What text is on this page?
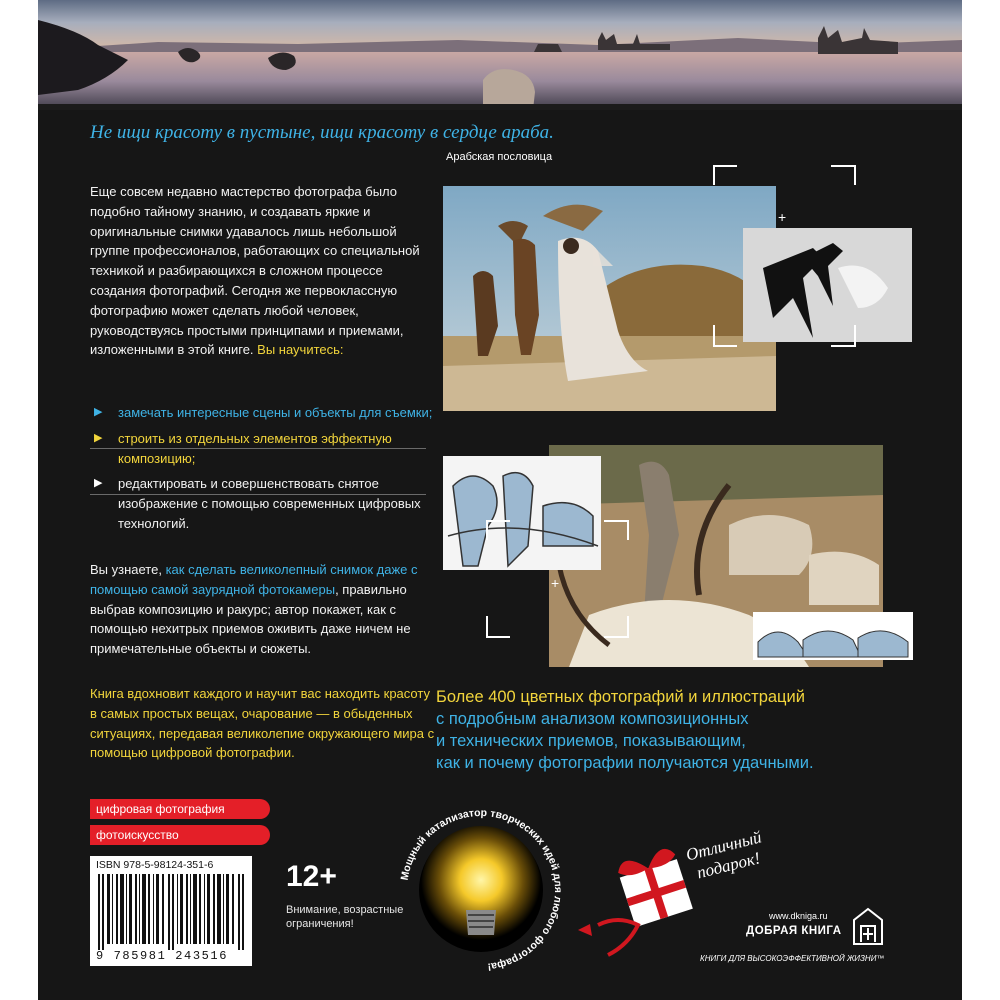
Не ищи красоту в пустыне, ищи красоту в сердце араба.
Арабская пословица

Еще совсем недавно мастерство фотографа было подобно тайному знанию, и создавать яркие и оригинальные снимки удавалось лишь небольшой группе профессионалов, работающих со специальной техникой и разбирающихся в сложном процессе создания фотографий. Сегодня же первоклассную фотографию может сделать любой человек, руководствуясь простыми принципами и приемами, изложенными в этой книге. Вы научитесь:

▶ замечать интересные сцены и объекты для съемки;
▶ строить из отдельных элементов эффектную композицию;
▶ редактировать и совершенствовать снятое изображение с помощью современных цифровых технологий.

Вы узнаете, как сделать великолепный снимок даже с помощью самой заурядной фотокамеры, правильно выбрав композицию и ракурс; автор покажет, как с помощью нехитрых приемов оживить даже ничем не примечательные объекты и сюжеты.

Книга вдохновит каждого и научит вас находить красоту в самых простых вещах, очарование — в обыденных ситуациях, передавая великолепие окружающего мира с помощью цифровой фотографии.

цифровая фотография
фотоискусство
ISBN 978-5-98124-351-6
9 785981 243516
12+
Внимание, возрастные ограничения!
+
+

Более 400 цветных фотографий и иллюстраций
с подробным анализом композиционных
и технических приемов, показывающим,
как и почему фотографии получаются удачными.

Мощный катализатор творческих идей для любого фотографа!
Отличный подарок!
www.dkniga.ru
ДОБРАЯ КНИГА
КНИГИ ДЛЯ ВЫСОКОЭФФЕКТИВНОЙ ЖИЗНИ™
